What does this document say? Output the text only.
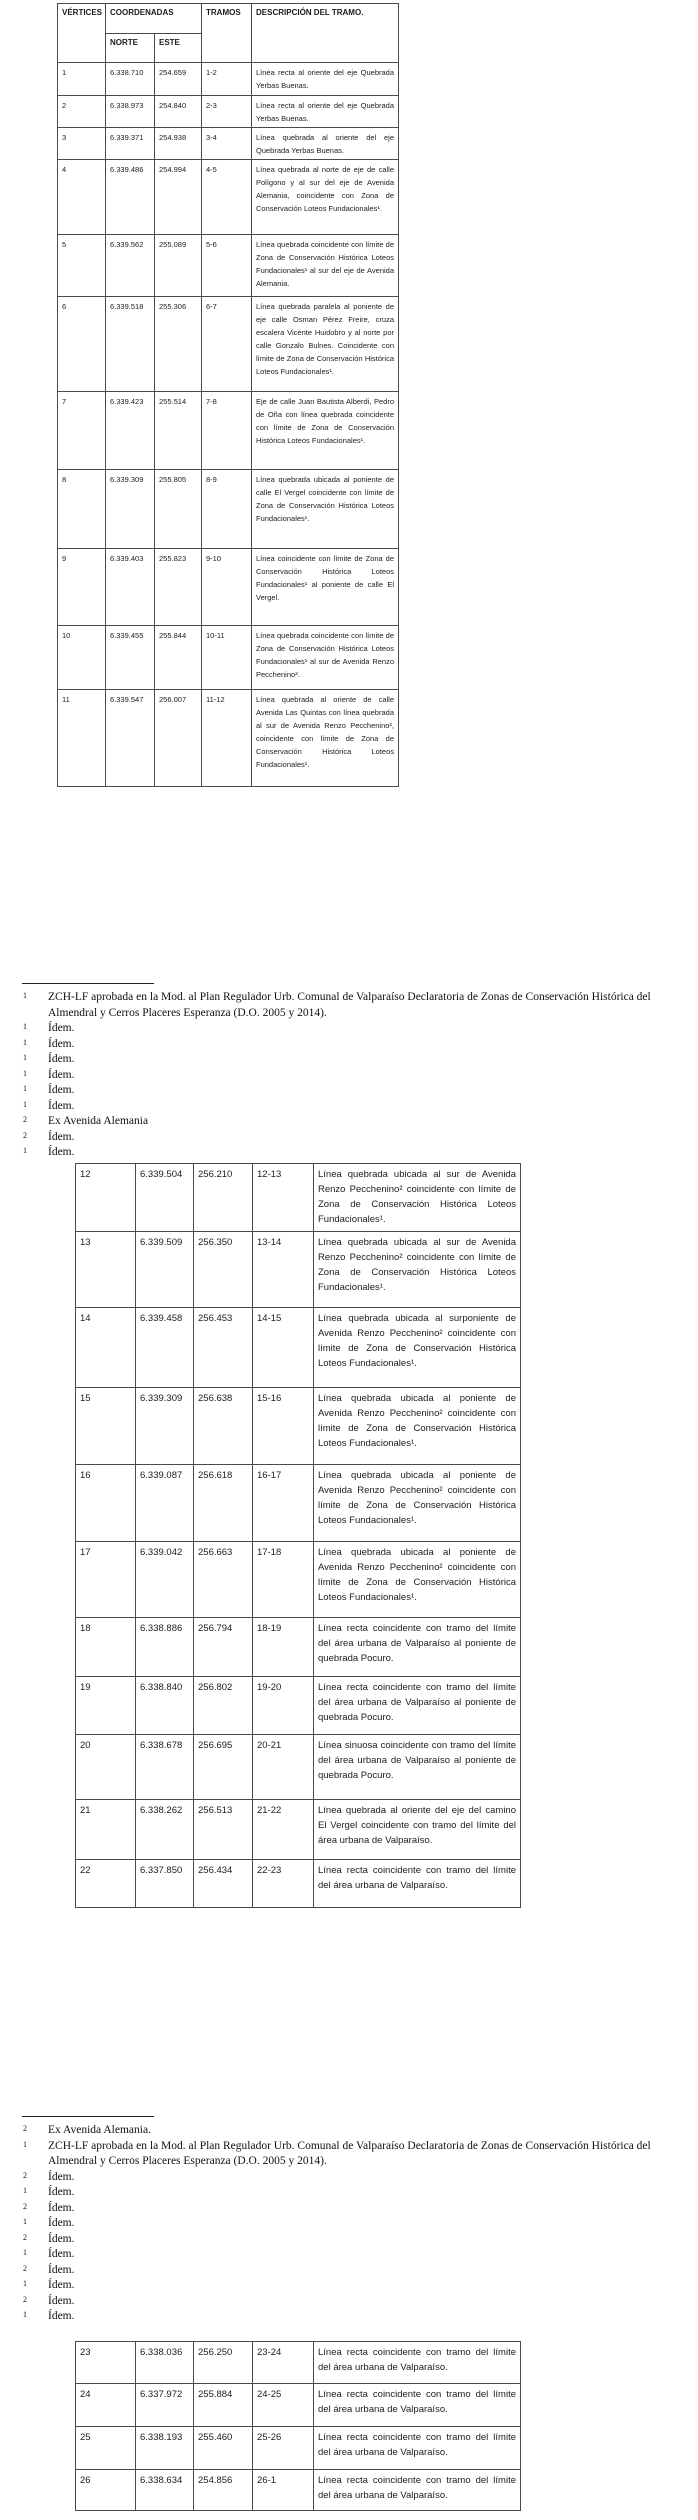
VÉRTICES	COORDENADAS		TRAMOS	DESCRIPCIÓN DEL TRAMO.
	NORTE	ESTE		
1	6.338.710	254.659	1-2	Línea recta al oriente del eje Quebrada Yerbas Buenas.
2	6.338.973	254.840	2-3	Línea recta al oriente del eje Quebrada Yerbas Buenas.
3	6.339.371	254.938	3-4	Línea quebrada al oriente del eje Quebrada Yerbas Buenas.
4	6.339.486	254.994	4-5	Línea quebrada al norte de eje de calle Polígono y al sur del eje de Avenida Alemania, coincidente con Zona de Conservación Loteos Fundacionales¹.
5	6.339.562	255.089	5-6	Línea quebrada coincidente con límite de Zona de Conservación Histórica Loteos Fundacionales¹ al sur del eje de Avenida Alemania.
6	6.339.518	255.306	6-7	Línea quebrada paralela al poniente de eje calle Osman Pérez Freire, cruza escalera Vicente Huidobro y al norte por calle Gonzalo Bulnes. Coincidente con límite de Zona de Conservación Histórica Loteos Fundacionales¹.
7	6.339.423	255.514	7-8	Eje de calle Juan Bautista Alberdi, Pedro de Oña con línea quebrada coincidente con límite de Zona de Conservación Histórica Loteos Fundacionales¹.
8	6.339.309	255.805	8-9	Línea quebrada ubicada al poniente de calle El Vergel coincidente con límite de Zona de Conservación Histórica Loteos Fundacionales¹.
9	6.339.403	255.823	9-10	Línea coincidente con límite de Zona de Conservación Histórica Loteos Fundacionales¹ al poniente de calle El Vergel.
10	6.339.455	255.844	10-11	Línea quebrada coincidente con límite de Zona de Conservación Histórica Loteos Fundacionales¹ al sur de Avenida Renzo Pecchenino².
11	6.339.547	256.007	11-12	Línea quebrada al oriente de calle Avenida Las Quintas con línea quebrada al sur de Avenida Renzo Pecchenino², coincidente con límite de Zona de Conservación Histórica Loteos Fundacionales¹.
1 ZCH-LF aprobada en la Mod. al Plan Regulador Urb. Comunal de Valparaíso Declaratoria de Zonas de Conservación Histórica del Almendral y Cerros Placeres Esperanza (D.O. 2005 y 2014).
1 Ídem.
1 Ídem.
1 Ídem.
1 Ídem.
1 Ídem.
1 Ídem.
2 Ex Avenida Alemania
2 Ídem.
1 Ídem.
12	6.339.504	256.210	12-13	Línea quebrada ubicada al sur de Avenida Renzo Pecchenino² coincidente con límite de Zona de Conservación Histórica Loteos Fundacionales¹.
13	6.339.509	256.350	13-14	Línea quebrada ubicada al sur de Avenida Renzo Pecchenino² coincidente con límite de Zona de Conservación Histórica Loteos Fundacionales¹.
14	6.339.458	256.453	14-15	Línea quebrada ubicada al surponiente de Avenida Renzo Pecchenino² coincidente con límite de Zona de Conservación Histórica Loteos Fundacionales¹.
15	6.339.309	256.638	15-16	Línea quebrada ubicada al poniente de Avenida Renzo Pecchenino² coincidente con límite de Zona de Conservación Histórica Loteos Fundacionales¹.
16	6.339.087	256.618	16-17	Línea quebrada ubicada al poniente de Avenida Renzo Pecchenino² coincidente con límite de Zona de Conservación Histórica Loteos Fundacionales¹.
17	6.339.042	256.663	17-18	Línea quebrada ubicada al poniente de Avenida Renzo Pecchenino² coincidente con límite de Zona de Conservación Histórica Loteos Fundacionales¹.
18	6.338.886	256.794	18-19	Línea recta coincidente con tramo del límite del área urbana de Valparaíso al poniente de quebrada Pocuro.
19	6.338.840	256.802	19-20	Línea recta coincidente con tramo del límite del área urbana de Valparaíso al poniente de quebrada Pocuro.
20	6.338.678	256.695	20-21	Línea sinuosa coincidente con tramo del límite del área urbana de Valparaíso al poniente de quebrada Pocuro.
21	6.338.262	256.513	21-22	Línea quebrada al oriente del eje del camino El Vergel coincidente con tramo del límite del área urbana de Valparaíso.
22	6.337.850	256.434	22-23	Línea recta coincidente con tramo del límite del área urbana de Valparaíso.
2 Ex Avenida Alemania.
1 ZCH-LF aprobada en la Mod. al Plan Regulador Urb. Comunal de Valparaíso Declaratoria de Zonas de Conservación Histórica del Almendral y Cerros Placeres Esperanza (D.O. 2005 y 2014).
2 Ídem.
1 Ídem.
2 Ídem.
1 Ídem.
2 Ídem.
1 Ídem.
2 Ídem.
1 Ídem.
2 Ídem.
1 Ídem.
23	6.338.036	256.250	23-24	Línea recta coincidente con tramo del límite del área urbana de Valparaíso.
24	6.337.972	255.884	24-25	Línea recta coincidente con tramo del límite del área urbana de Valparaíso.
25	6.338.193	255.460	25-26	Línea recta coincidente con tramo del límite del área urbana de Valparaíso.
26	6.338.634	254.856	26-1	Línea recta coincidente con tramo del límite del área urbana de Valparaíso.
